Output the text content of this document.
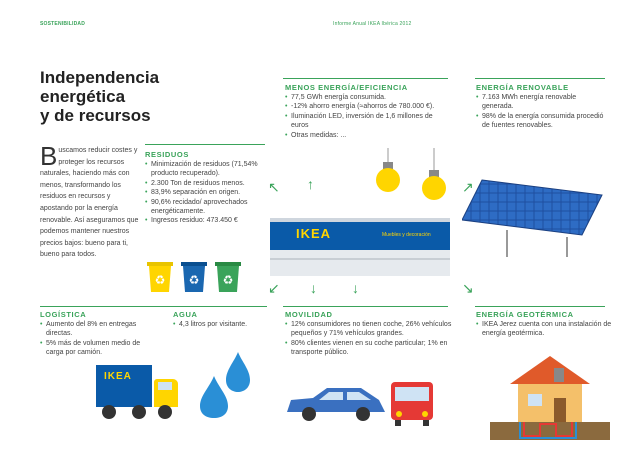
SOSTENIBILIDAD	Informe Anual IKEA Ibérica 2012
Independencia
energética
y de recursos
Buscamos reducir costes y proteger los recursos naturales, haciendo más con menos, transformando los residuos en recursos y apostando por la energía renovable. Así aseguramos que podemos mantener nuestros precios bajos: bueno para ti, bueno para todos.
RESIDUOS
• Minimización de residuos (71,54% producto recuperado).
• 2.300 Ton de residuos menos.
• 83,9% separación en origen.
• 90,6% recidado/ aprovechados energéticamente.
• Ingresos residuo: 473.450 €
♻ ♻ ♻
MENOS ENERGÍA/EFICIENCIA
• 77,5 GWh energía consumida.
• -12% ahorro energía (≈ahorros de 780.000 €).
• Iluminación LED, inversión de 1,6 millones de euros
• Otras medidas: ...
ENERGÍA RENOVABLE
• 7.163 MWh energía renovable generada.
• 98% de la energía consumida procedió de fuentes renovables.
↖ ↑	↗
↙ ↓	↓	↘
IKEA	Muebles y decoración
LOGÍSTICA
• Aumento del 8% en entregas directas.
• 5% más de volumen medio de carga por camión.
IKEA
AGUA
• 4,3 litros por visitante.
MOVILIDAD
• 12% consumidores no tienen coche, 26% vehículos pequeños y 71% vehículos grandes.
• 80% clientes vienen en su coche particular; 1% en transporte público.
ENERGÍA GEOTÉRMICA
• IKEA Jerez cuenta con una instalación de energía geotérmica.
